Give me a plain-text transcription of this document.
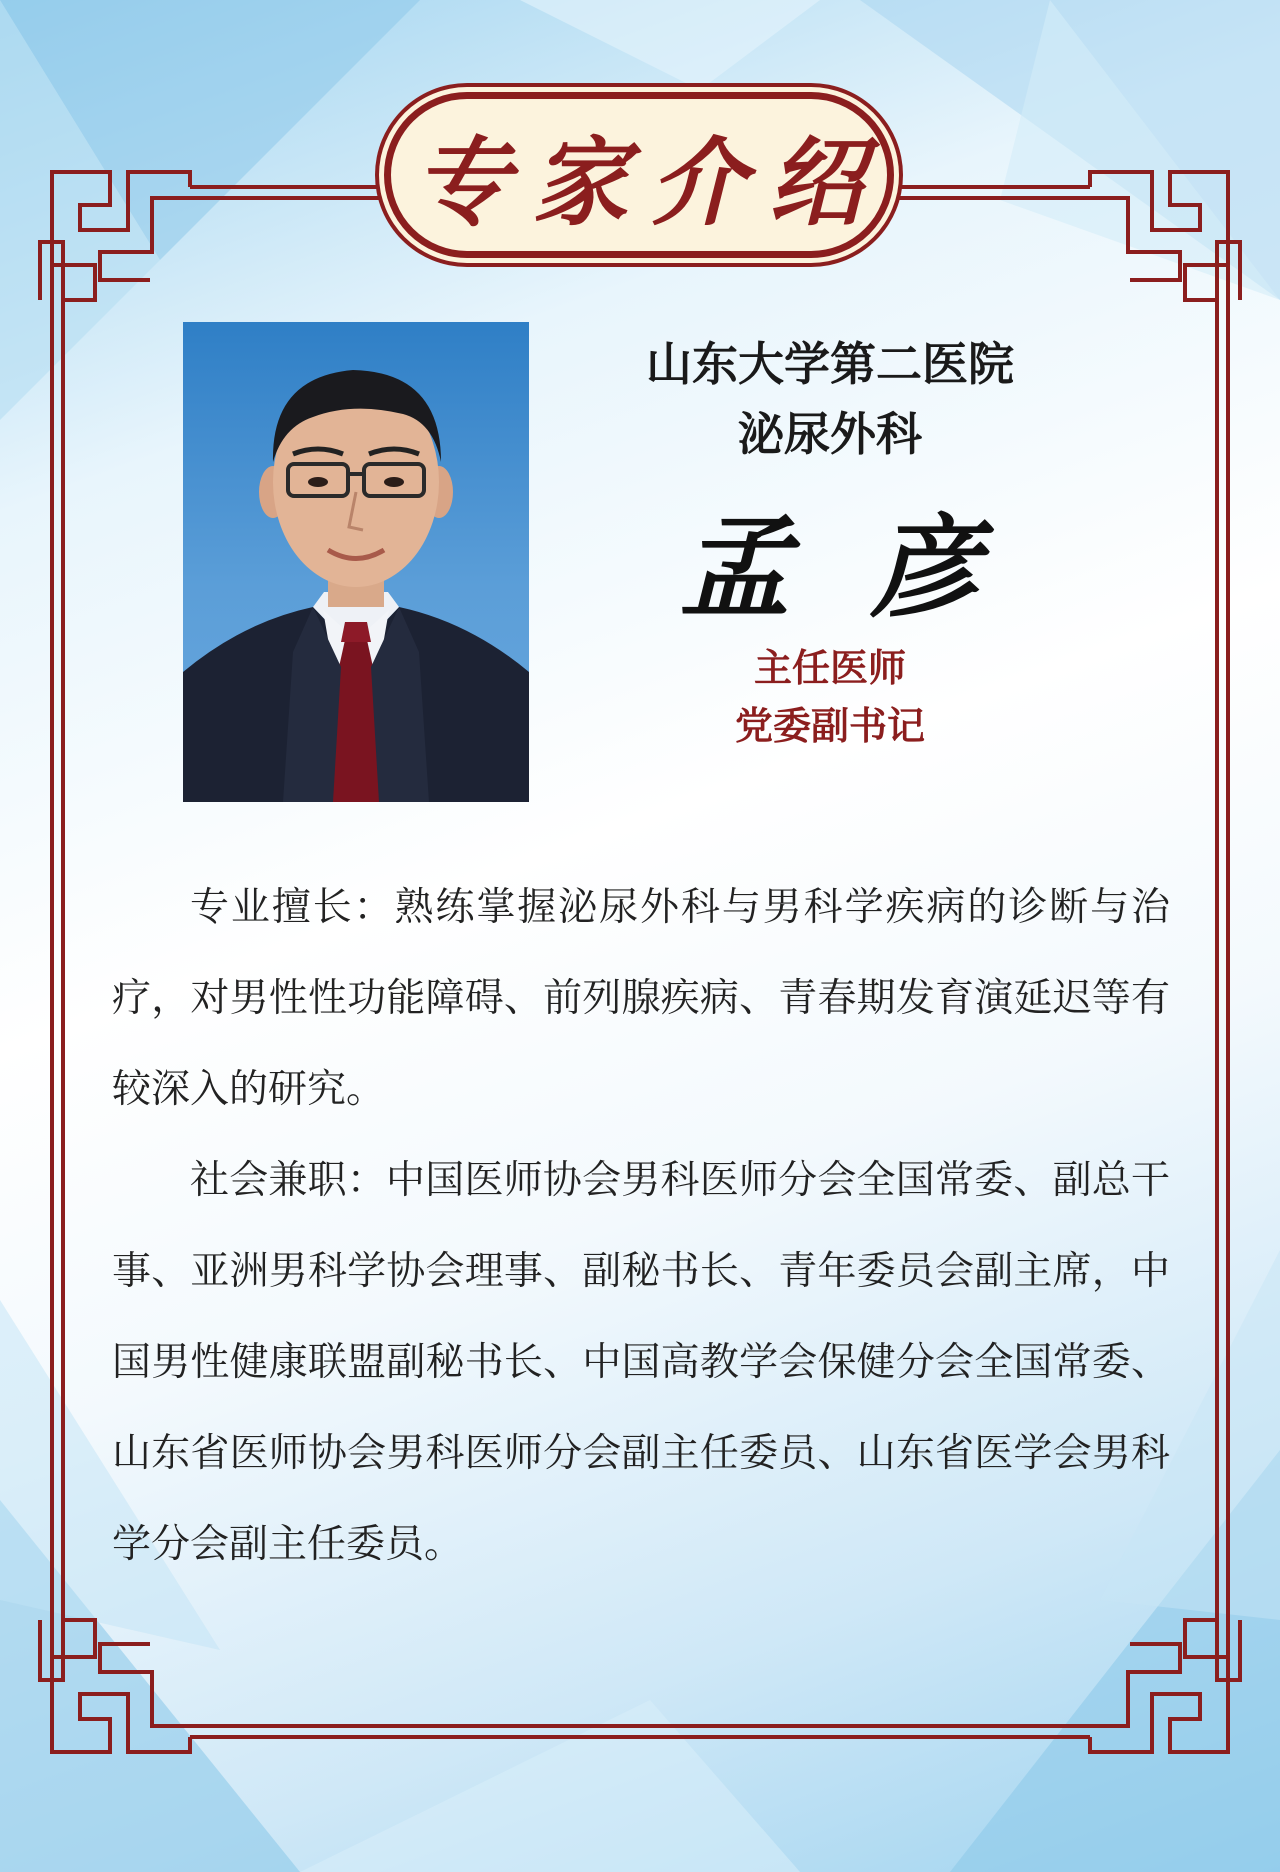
专家介绍
山东大学第二医院
泌尿外科
孟彦
主任医师
党委副书记

专业擅长：熟练掌握泌尿外科与男科学疾病的诊断与治疗，对男性性功能障碍、前列腺疾病、青春期发育演延迟等有较深入的研究。

社会兼职：中国医师协会男科医师分会全国常委、副总干事、亚洲男科学协会理事、副秘书长、青年委员会副主席，中国男性健康联盟副秘书长、中国高教学会保健分会全国常委、山东省医师协会男科医师分会副主任委员、山东省医学会男科学分会副主任委员。
